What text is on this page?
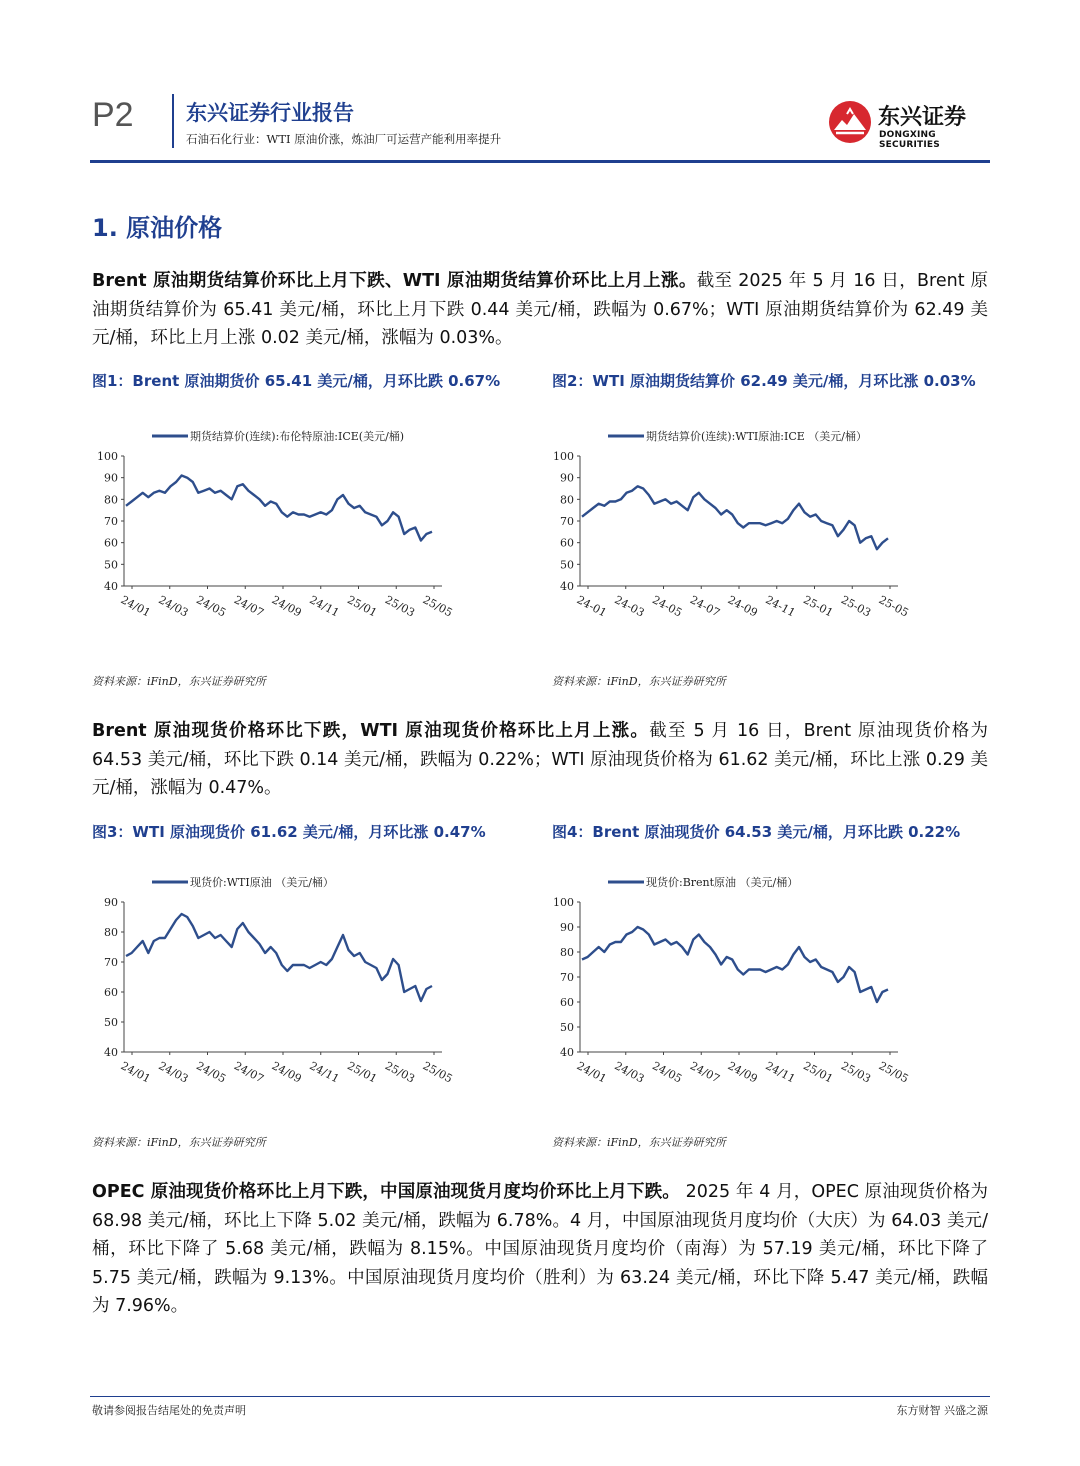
P2 东兴证券行业报告
石油石化行业：WTI 原油价涨，炼油厂可运营产能利用率提升
东兴证券
DONGXING SECURITIES
1. 原油价格
Brent 原油期货结算价环比上月下跌、WTI 原油期货结算价环比上月上涨。截至 2025 年 5 月 16 日，Brent 原油期货结算价为 65.41 美元/桶，环比上月下跌 0.44 美元/桶，跌幅为 0.67%；WTI 原油期货结算价为 62.49 美元/桶，环比上月上涨 0.02 美元/桶，涨幅为 0.03%。
图1：Brent 原油期货价 65.41 美元/桶，月环比跌 0.67%	图2：WTI 原油期货结算价 62.49 美元/桶，月环比涨 0.03%
期货结算价(连续):布伦特原油:ICE(美元/桶)
40
50
60
70
80
90
100
24/01 24/03 24/05 24/07 24/09 24/11 25/01 25/03 25/05
期货结算价(连续):WTI原油:ICE （美元/桶）
40
50
60
70
80
90
100
24-01 24-03 24-05 24-07 24-09 24-11 25-01 25-03 25-05
资料来源：iFinD，东兴证券研究所	资料来源：iFinD，东兴证券研究所
Brent 原油现货价格环比下跌，WTI 原油现货价格环比上月上涨。截至 5 月 16 日，Brent 原油现货价格为 64.53 美元/桶，环比下跌 0.14 美元/桶，跌幅为 0.22%；WTI 原油现货价格为 61.62 美元/桶，环比上涨 0.29 美元/桶，涨幅为 0.47%。
图3：WTI 原油现货价 61.62 美元/桶，月环比涨 0.47%	图4：Brent 原油现货价 64.53 美元/桶，月环比跌 0.22%
现货价:WTI原油 （美元/桶）
40
50
60
70
80
90
24/01 24/03 24/05 24/07 24/09 24/11 25/01 25/03 25/05
现货价:Brent原油 （美元/桶）
40
50
60
70
80
90
100
24/01 24/03 24/05 24/07 24/09 24/11 25/01 25/03 25/05
资料来源：iFinD，东兴证券研究所	资料来源：iFinD，东兴证券研究所
OPEC 原油现货价格环比上月下跌，中国原油现货月度均价环比上月下跌。 2025 年 4 月，OPEC 原油现货价格为 68.98 美元/桶，环比上下降 5.02 美元/桶，跌幅为 6.78%。4 月，中国原油现货月度均价（大庆）为 64.03 美元/桶，环比下降了 5.68 美元/桶，跌幅为 8.15%。中国原油现货月度均价（南海）为 57.19 美元/桶，环比下降了 5.75 美元/桶，跌幅为 9.13%。中国原油现货月度均价（胜利）为 63.24 美元/桶，环比下降 5.47 美元/桶，跌幅为 7.96%。
敬请参阅报告结尾处的免责声明	东方财智 兴盛之源
